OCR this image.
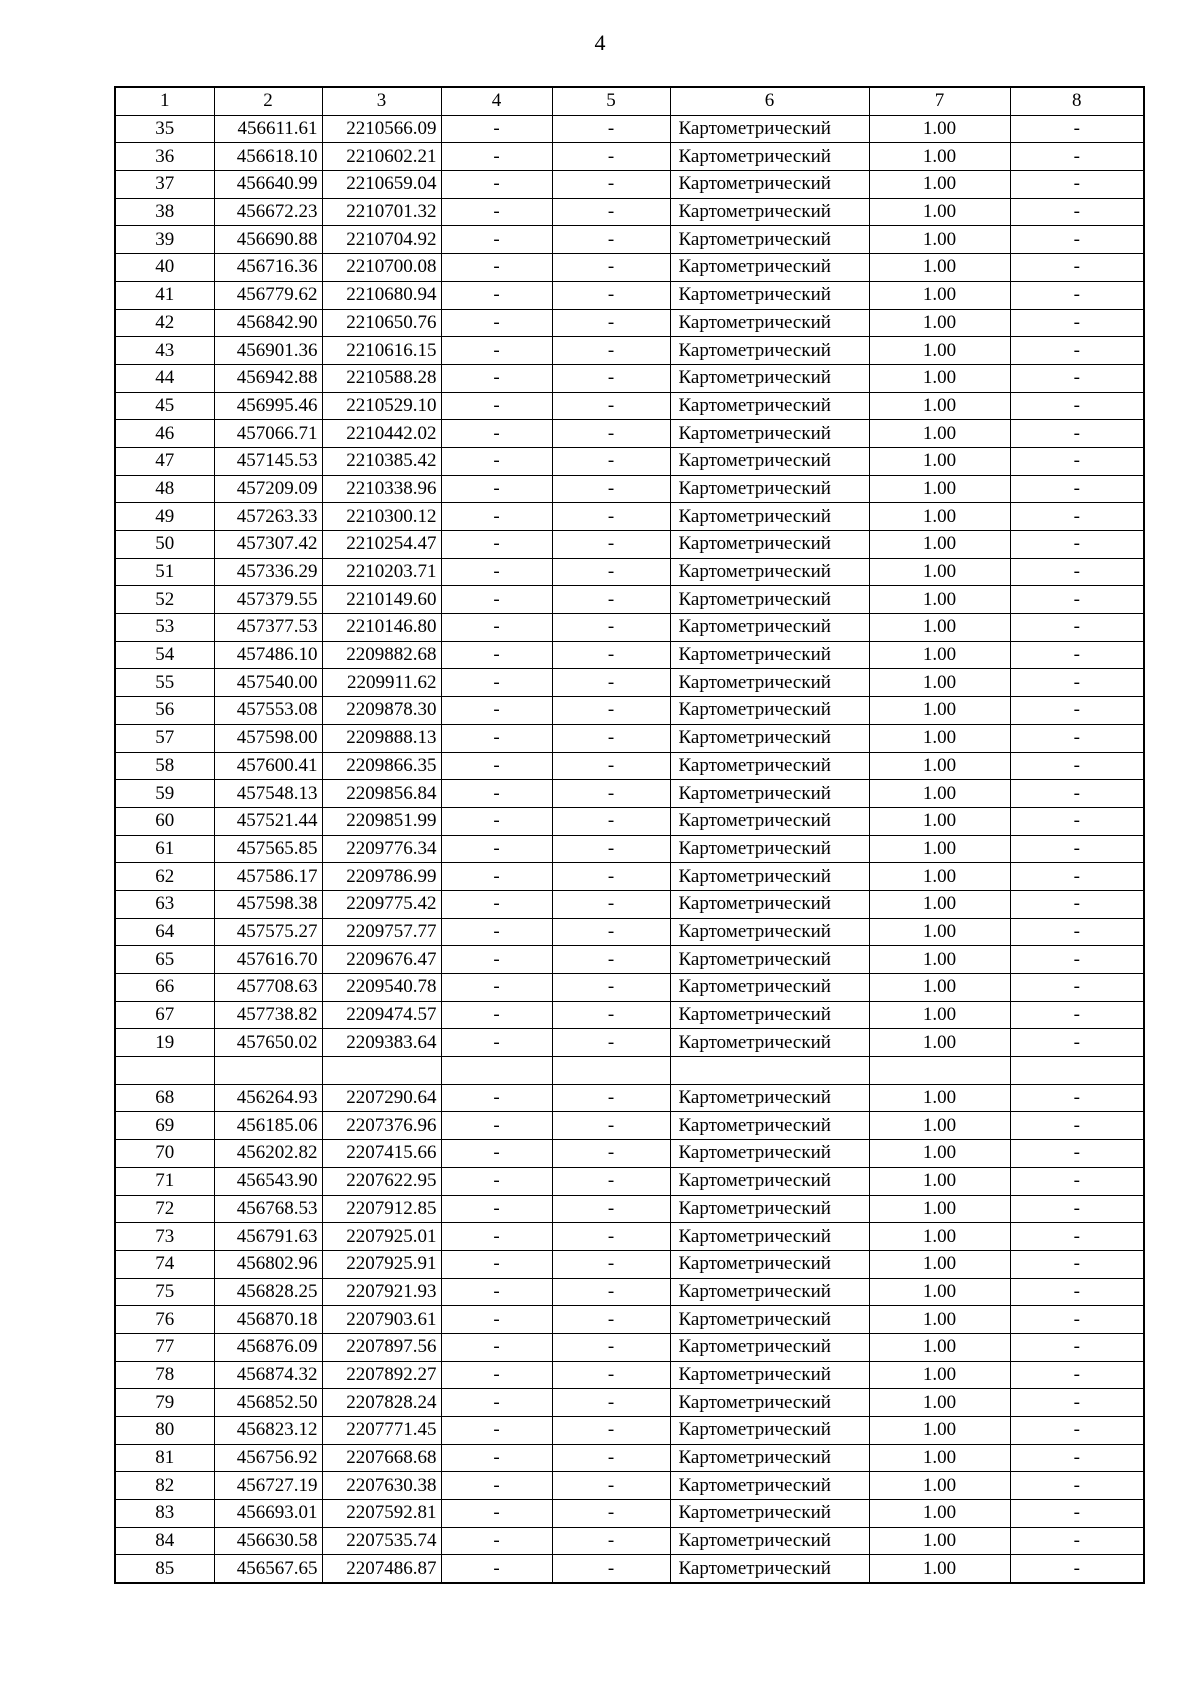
4
1	2	3	4	5	6	7	8
35	456611.61	2210566.09	-	-	Картометрический	1.00	-
36	456618.10	2210602.21	-	-	Картометрический	1.00	-
37	456640.99	2210659.04	-	-	Картометрический	1.00	-
38	456672.23	2210701.32	-	-	Картометрический	1.00	-
39	456690.88	2210704.92	-	-	Картометрический	1.00	-
40	456716.36	2210700.08	-	-	Картометрический	1.00	-
41	456779.62	2210680.94	-	-	Картометрический	1.00	-
42	456842.90	2210650.76	-	-	Картометрический	1.00	-
43	456901.36	2210616.15	-	-	Картометрический	1.00	-
44	456942.88	2210588.28	-	-	Картометрический	1.00	-
45	456995.46	2210529.10	-	-	Картометрический	1.00	-
46	457066.71	2210442.02	-	-	Картометрический	1.00	-
47	457145.53	2210385.42	-	-	Картометрический	1.00	-
48	457209.09	2210338.96	-	-	Картометрический	1.00	-
49	457263.33	2210300.12	-	-	Картометрический	1.00	-
50	457307.42	2210254.47	-	-	Картометрический	1.00	-
51	457336.29	2210203.71	-	-	Картометрический	1.00	-
52	457379.55	2210149.60	-	-	Картометрический	1.00	-
53	457377.53	2210146.80	-	-	Картометрический	1.00	-
54	457486.10	2209882.68	-	-	Картометрический	1.00	-
55	457540.00	2209911.62	-	-	Картометрический	1.00	-
56	457553.08	2209878.30	-	-	Картометрический	1.00	-
57	457598.00	2209888.13	-	-	Картометрический	1.00	-
58	457600.41	2209866.35	-	-	Картометрический	1.00	-
59	457548.13	2209856.84	-	-	Картометрический	1.00	-
60	457521.44	2209851.99	-	-	Картометрический	1.00	-
61	457565.85	2209776.34	-	-	Картометрический	1.00	-
62	457586.17	2209786.99	-	-	Картометрический	1.00	-
63	457598.38	2209775.42	-	-	Картометрический	1.00	-
64	457575.27	2209757.77	-	-	Картометрический	1.00	-
65	457616.70	2209676.47	-	-	Картометрический	1.00	-
66	457708.63	2209540.78	-	-	Картометрический	1.00	-
67	457738.82	2209474.57	-	-	Картометрический	1.00	-
19	457650.02	2209383.64	-	-	Картометрический	1.00	-

68	456264.93	2207290.64	-	-	Картометрический	1.00	-
69	456185.06	2207376.96	-	-	Картометрический	1.00	-
70	456202.82	2207415.66	-	-	Картометрический	1.00	-
71	456543.90	2207622.95	-	-	Картометрический	1.00	-
72	456768.53	2207912.85	-	-	Картометрический	1.00	-
73	456791.63	2207925.01	-	-	Картометрический	1.00	-
74	456802.96	2207925.91	-	-	Картометрический	1.00	-
75	456828.25	2207921.93	-	-	Картометрический	1.00	-
76	456870.18	2207903.61	-	-	Картометрический	1.00	-
77	456876.09	2207897.56	-	-	Картометрический	1.00	-
78	456874.32	2207892.27	-	-	Картометрический	1.00	-
79	456852.50	2207828.24	-	-	Картометрический	1.00	-
80	456823.12	2207771.45	-	-	Картометрический	1.00	-
81	456756.92	2207668.68	-	-	Картометрический	1.00	-
82	456727.19	2207630.38	-	-	Картометрический	1.00	-
83	456693.01	2207592.81	-	-	Картометрический	1.00	-
84	456630.58	2207535.74	-	-	Картометрический	1.00	-
85	456567.65	2207486.87	-	-	Картометрический	1.00	-
